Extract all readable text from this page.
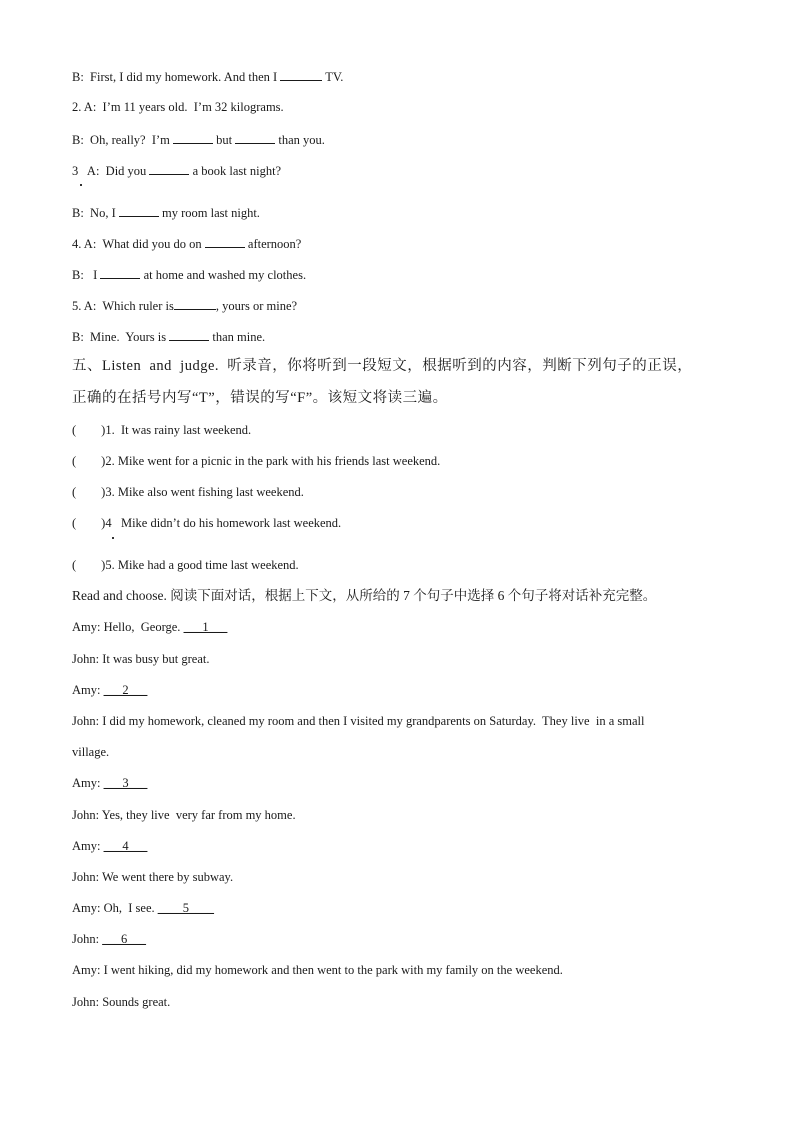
B:  First, I did my homework. And then I	TV.
2. A:  I’m 11 years old.  I’m 32 kilograms.
B:  Oh, really?  I’m	but	than you.
3   A:  Did you	a book last night?
B:  No, I	my room last night.
4. A:  What did you do on	afternoon?
B:   I	at home and washed my clothes.
5. A:  Which ruler is	, yours or mine?
B:  Mine.  Yours is	than mine.
五、Listen  and  judge.  听录音，你将听到一段短文，根据听到的内容，判断下列句子的正误，
正确的在括号内写“T”，错误的写“F”。该短文将读三遍。
(        )1.  It was rainy last weekend.
(        )2. Mike went for a picnic in the park with his friends last weekend.
(        )3. Mike also went fishing last weekend.
(        )4   Mike didn’t do his homework last weekend.
(        )5. Mike had a good time last weekend.
Read and choose. 阅读下面对话，根据上下文，从所给的 7 个句子中选择 6 个句子将对话补充完整。
Amy: Hello,  George. ___1___
John: It was busy but great.
Amy: ___2___
John: I did my homework, cleaned my room and then I visited my grandparents on Saturday.  They live  in a small
village.
Amy: ___3___
John: Yes, they live  very far from my home.
Amy: ___4___
John: We went there by subway.
Amy: Oh,  I see. ____5____
John: ___6___
Amy: I went hiking, did my homework and then went to the park with my family on the weekend.
John: Sounds great.
